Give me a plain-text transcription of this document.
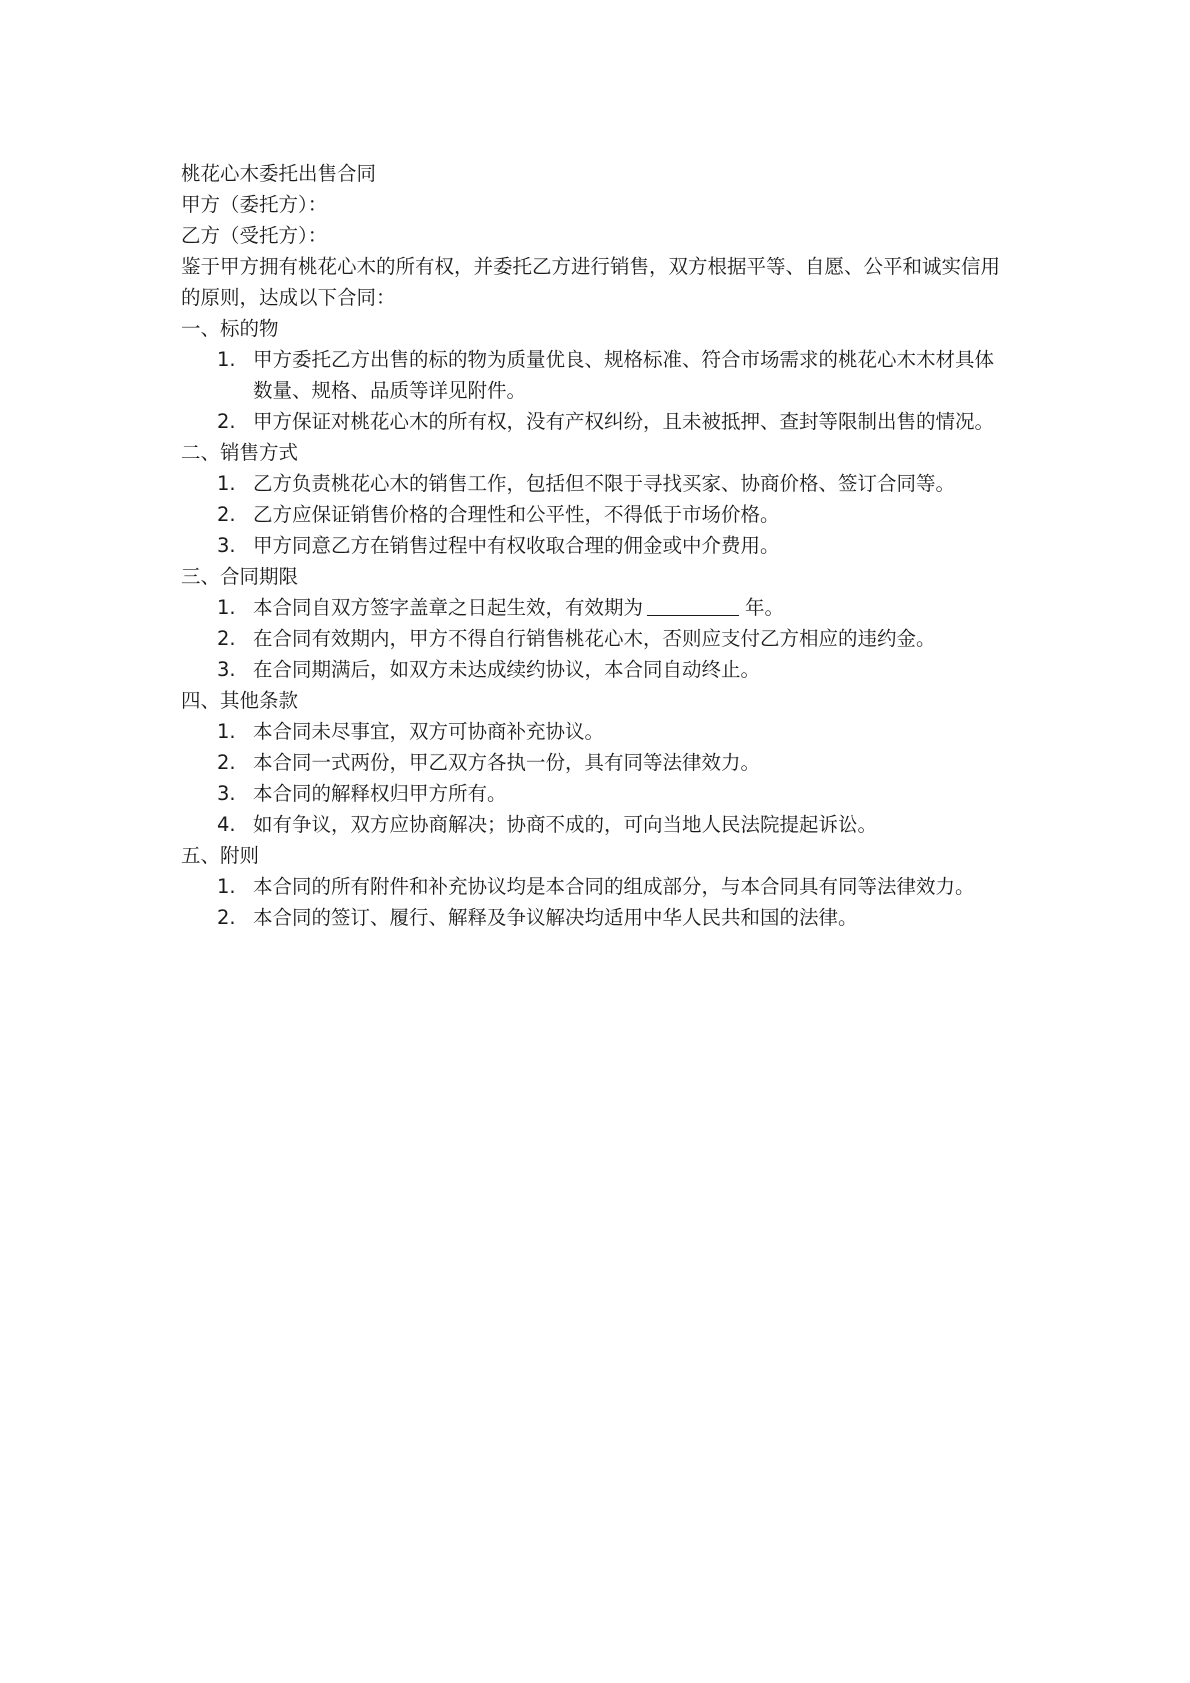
桃花心木委托出售合同

甲方（委托方）：

乙方（受托方）：

鉴于甲方拥有桃花心木的所有权，并委托乙方进行销售，双方根据平等、自愿、公平和诚实信用的原则，达成以下合同：

一、标的物

1. 甲方委托乙方出售的标的物为质量优良、规格标准、符合市场需求的桃花心木木材具体数量、规格、品质等详见附件。
2. 甲方保证对桃花心木的所有权，没有产权纠纷，且未被抵押、查封等限制出售的情况。

二、销售方式

1. 乙方负责桃花心木的销售工作，包括但不限于寻找买家、协商价格、签订合同等。
2. 乙方应保证销售价格的合理性和公平性，不得低于市场价格。
3. 甲方同意乙方在销售过程中有权收取合理的佣金或中介费用。

三、合同期限

1. 本合同自双方签字盖章之日起生效，有效期为	年。
2. 在合同有效期内，甲方不得自行销售桃花心木，否则应支付乙方相应的违约金。
3. 在合同期满后，如双方未达成续约协议，本合同自动终止。

四、其他条款

1. 本合同未尽事宜，双方可协商补充协议。
2. 本合同一式两份，甲乙双方各执一份，具有同等法律效力。
3. 本合同的解释权归甲方所有。
4. 如有争议，双方应协商解决；协商不成的，可向当地人民法院提起诉讼。

五、附则

1. 本合同的所有附件和补充协议均是本合同的组成部分，与本合同具有同等法律效力。
2. 本合同的签订、履行、解释及争议解决均适用中华人民共和国的法律。
